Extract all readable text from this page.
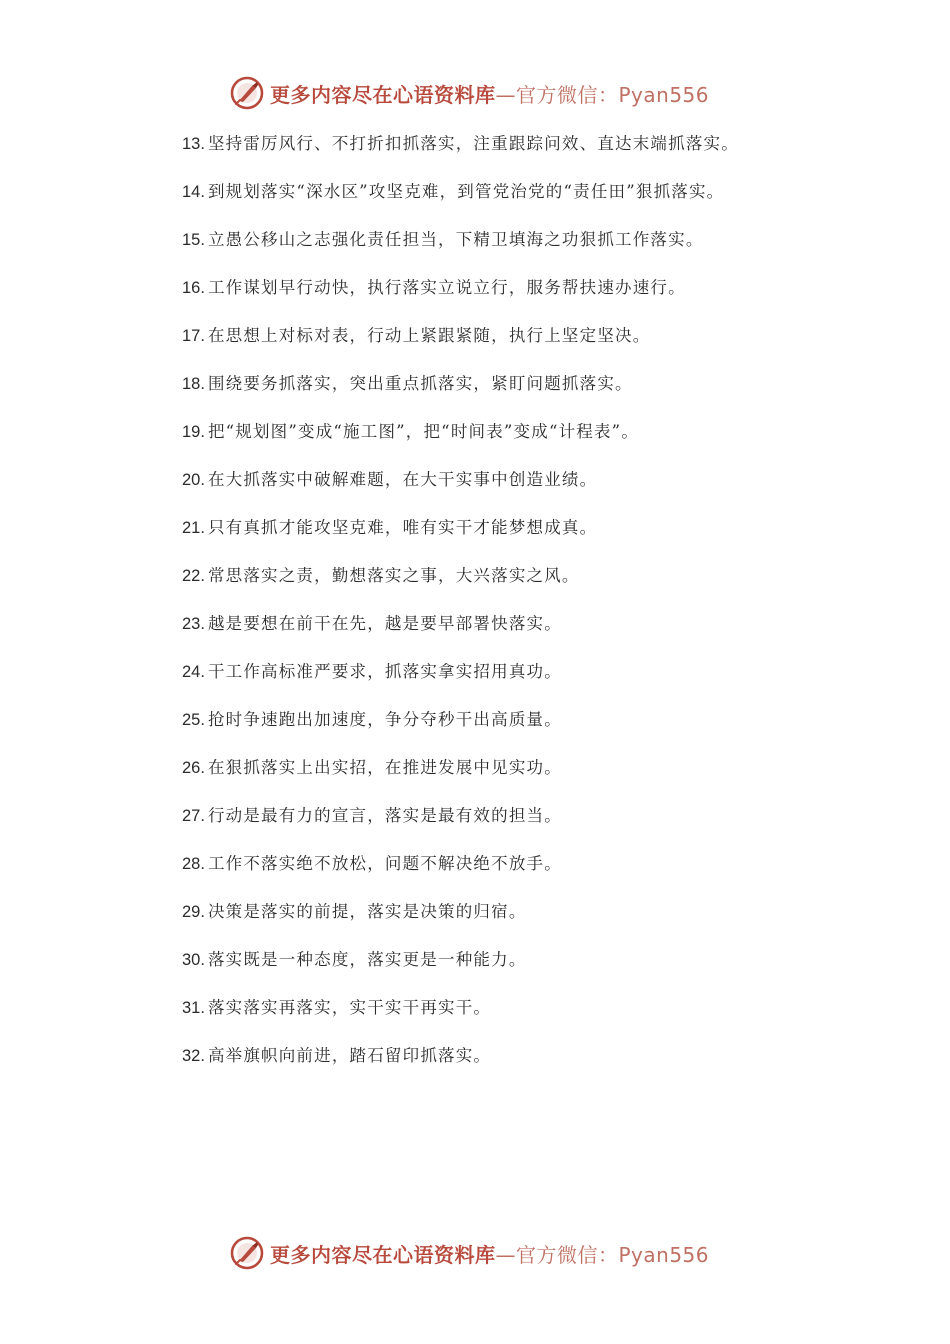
更多内容尽在心语资料库 —官方微信：Pyan556
13. 坚持雷厉风行、不打折扣抓落实，注重跟踪问效、直达末端抓落实。
14. 到规划落实“深水区”攻坚克难，到管党治党的“责任田”狠抓落实。
15. 立愚公移山之志强化责任担当，下精卫填海之功狠抓工作落实。
16. 工作谋划早行动快，执行落实立说立行，服务帮扶速办速行。
17. 在思想上对标对表，行动上紧跟紧随，执行上坚定坚决。
18. 围绕要务抓落实，突出重点抓落实，紧盯问题抓落实。
19. 把“规划图”变成“施工图”，把“时间表”变成“计程表”。
20. 在大抓落实中破解难题，在大干实事中创造业绩。
21. 只有真抓才能攻坚克难，唯有实干才能梦想成真。
22. 常思落实之责，勤想落实之事，大兴落实之风。
23. 越是要想在前干在先，越是要早部署快落实。
24. 干工作高标准严要求，抓落实拿实招用真功。
25. 抢时争速跑出加速度，争分夺秒干出高质量。
26. 在狠抓落实上出实招，在推进发展中见实功。
27. 行动是最有力的宣言，落实是最有效的担当。
28. 工作不落实绝不放松，问题不解决绝不放手。
29. 决策是落实的前提，落实是决策的归宿。
30. 落实既是一种态度，落实更是一种能力。
31. 落实落实再落实，实干实干再实干。
32. 高举旗帜向前进，踏石留印抓落实。
更多内容尽在心语资料库 —官方微信：Pyan556
